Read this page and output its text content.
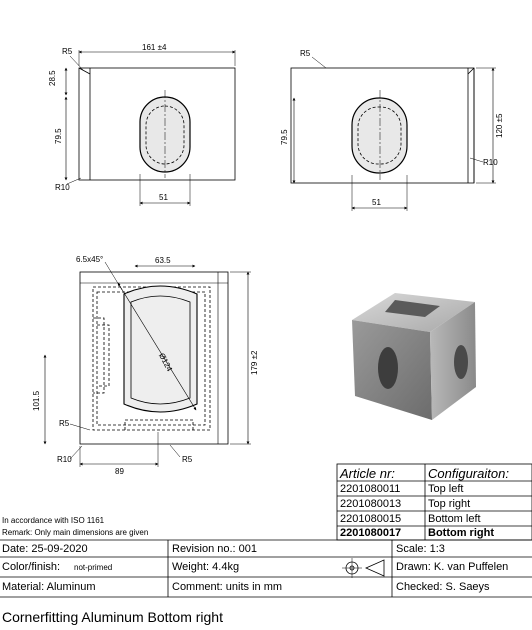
R5	161 ±4
28.5
79.5
R10
51
R5
79.5	120 ±5
R10
51
6.5x45°	63.5
Ø124	179 ±2
101.5
R5
R10
89
R5
Article nr:	Configuraiton:
2201080011	Top left
2201080013 Top right
2201080015 Bottom left
2201080017 Bottom right
In accordance with ISO 1161
Remark: Only main dimensions are given
Date: 25-09-2020	Revision no.: 001	Scale: 1:3
Color/finish: not-primed	Weight: 4.4kg	Drawn: K. van Puffelen
Material: Aluminum	Comment: units in mm	Checked: S. Saeys
Cornerfitting Aluminum Bottom right
